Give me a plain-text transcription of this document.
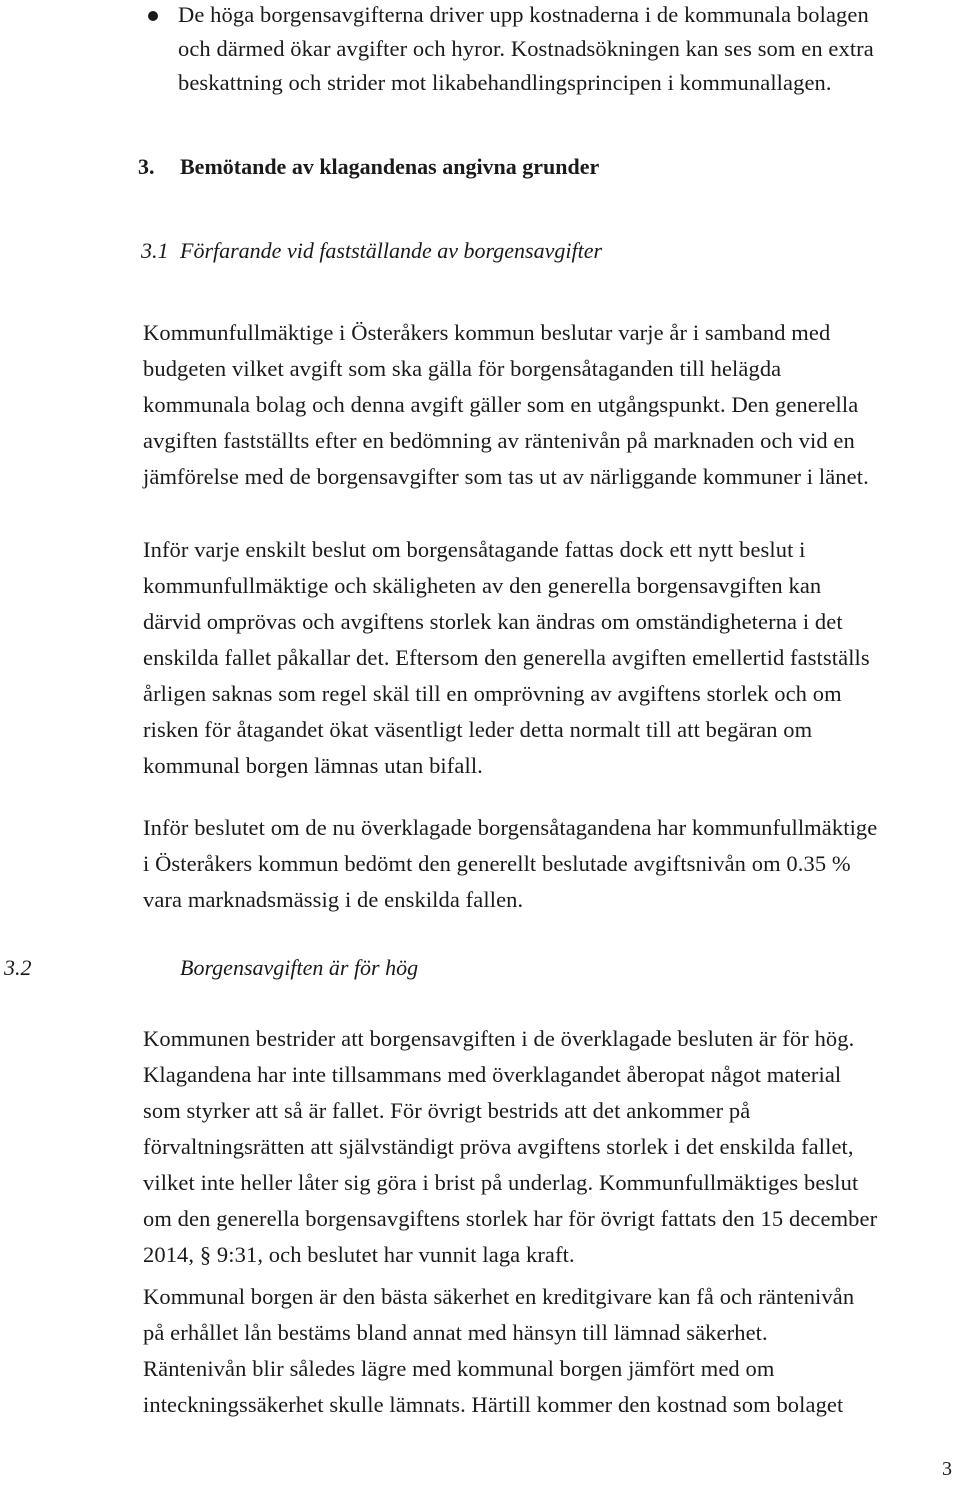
De höga borgensavgifterna driver upp kostnaderna i de kommunala bolagen
och därmed ökar avgifter och hyror. Kostnadsökningen kan ses som en extra
beskattning och strider mot likabehandlingsprincipen i kommunallagen.
3. Bemötande av klagandenas angivna grunder
3.1 Förfarande vid fastställande av borgensavgifter
Kommunfullmäktige i Österåkers kommun beslutar varje år i samband med
budgeten vilket avgift som ska gälla för borgensåtaganden till helägda
kommunala bolag och denna avgift gäller som en utgångspunkt. Den generella
avgiften fastställts efter en bedömning av räntenivån på marknaden och vid en
jämförelse med de borgensavgifter som tas ut av närliggande kommuner i länet.
Inför varje enskilt beslut om borgensåtagande fattas dock ett nytt beslut i
kommunfullmäktige och skäligheten av den generella borgensavgiften kan
därvid omprövas och avgiftens storlek kan ändras om omständigheterna i det
enskilda fallet påkallar det. Eftersom den generella avgiften emellertid fastställs
årligen saknas som regel skäl till en omprövning av avgiftens storlek och om
risken för åtagandet ökat väsentligt leder detta normalt till att begäran om
kommunal borgen lämnas utan bifall.
Inför beslutet om de nu överklagade borgensåtagandena har kommunfullmäktige
i Österåkers kommun bedömt den generellt beslutade avgiftsnivån om 0.35 %
vara marknadsmässig i de enskilda fallen.
3.2	Borgensavgiften är för hög
Kommunen bestrider att borgensavgiften i de överklagade besluten är för hög.
Klagandena har inte tillsammans med överklagandet åberopat något material
som styrker att så är fallet. För övrigt bestrids att det ankommer på
förvaltningsrätten att självständigt pröva avgiftens storlek i det enskilda fallet,
vilket inte heller låter sig göra i brist på underlag. Kommunfullmäktiges beslut
om den generella borgensavgiftens storlek har för övrigt fattats den 15 december
2014, § 9:31, och beslutet har vunnit laga kraft.
Kommunal borgen är den bästa säkerhet en kreditgivare kan få och räntenivån
på erhållet lån bestäms bland annat med hänsyn till lämnad säkerhet.
Räntenivån blir således lägre med kommunal borgen jämfört med om
inteckningssäkerhet skulle lämnats. Härtill kommer den kostnad som bolaget
3
